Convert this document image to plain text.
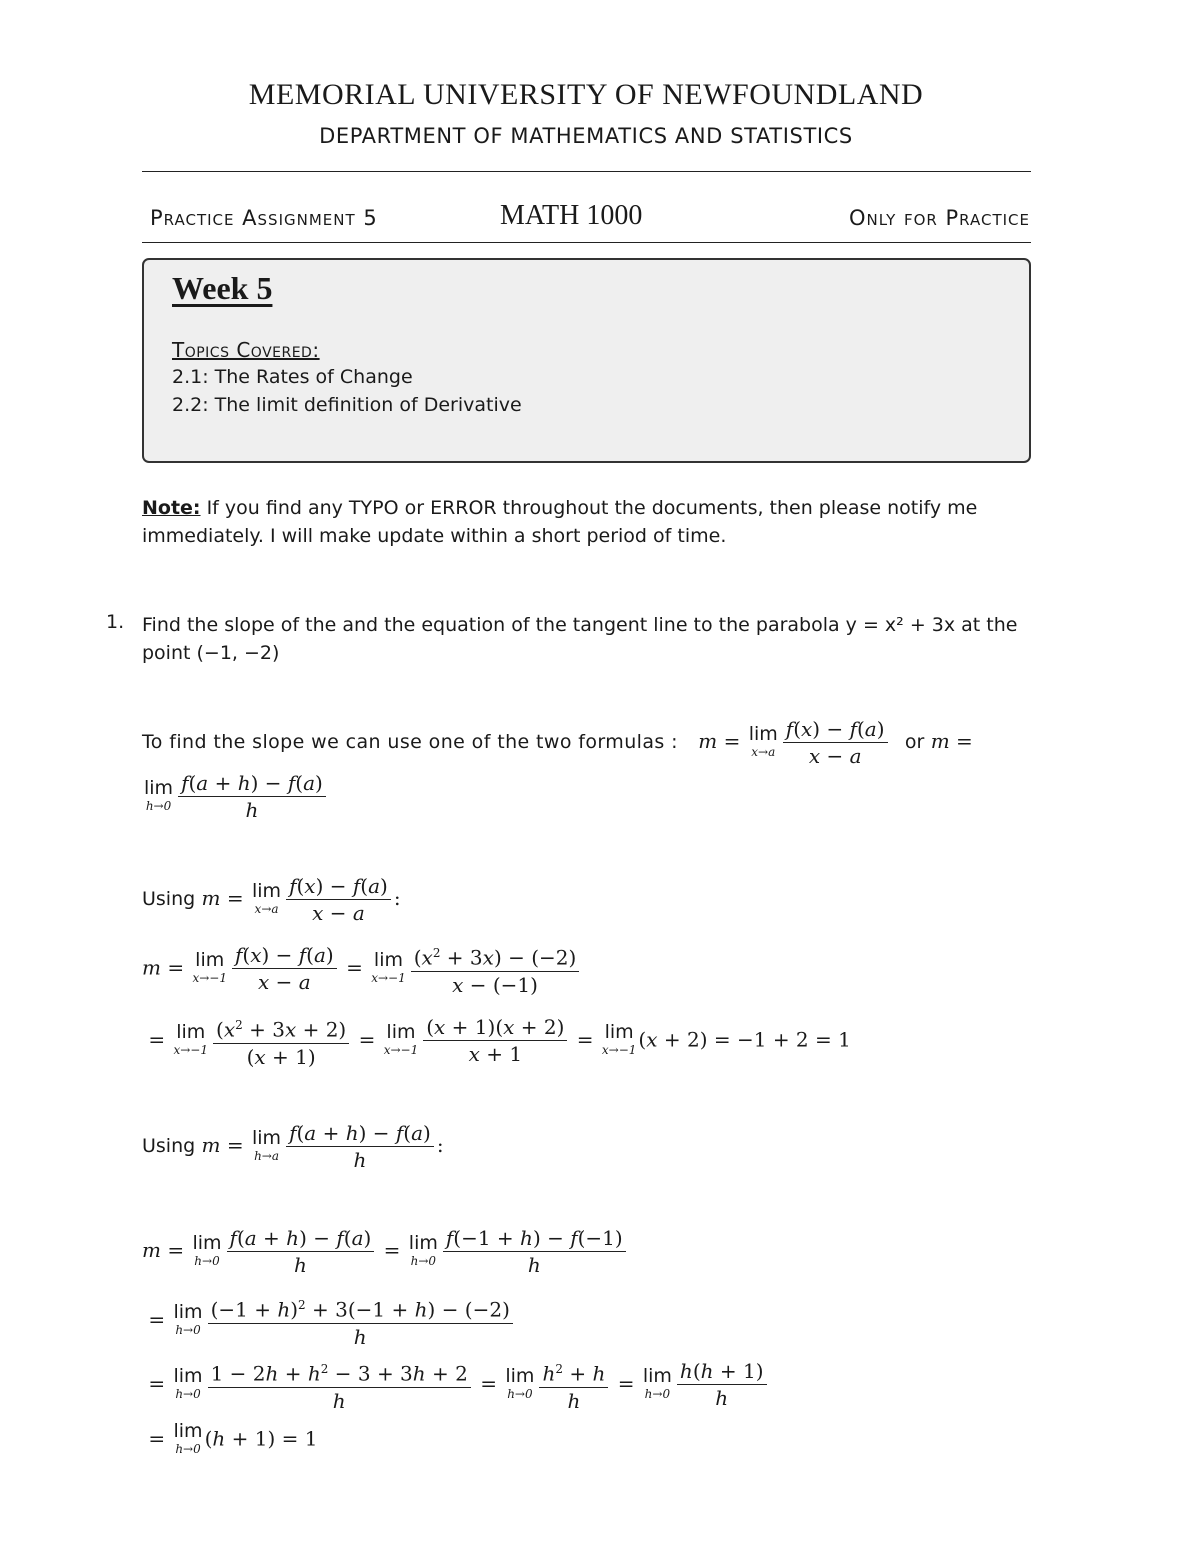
MEMORIAL UNIVERSITY OF NEWFOUNDLAND
DEPARTMENT OF MATHEMATICS AND STATISTICS
Practice Assignment 5	MATH 1000	Only for Practice
Week 5
Topics Covered:
2.1: The Rates of Change
2.2: The limit definition of Derivative
Note: If you find any TYPO or ERROR throughout the documents, then please notify me immediately. I will make update within a short period of time.
1. Find the slope of the and the equation of the tangent line to the parabola y = x² + 3x at the point (−1, −2)
To find the slope we can use one of the two formulas : m = lim
$x\to a \frac{f(x) - f(a)}{x - a}$ or m =
lim
$h\to 0 \frac{f(a + h) - f(a)}{h}$
Using m = lim
$x\to a \frac{f(x) - f(a)}{x - a}$ :
m = lim
$x\to-1 \frac{f(x) - f(a)}{x - a} = \lim$
$x\to-1 \frac{(x^2 + 3x) - (-2)}{x - (-1)}$
= lim
$x\to-1 \frac{(x^2 + 3x + 2)}{(x + 1)} = \lim$
$x\to-1 \frac{(x + 1)(x + 2)}{x + 1} = \lim$
x→−1 (x + 2) = −1 + 2 = 1
Using m = lim
$h\to a \frac{f(a + h) - f(a)}{h}$ :
m = lim
$h\to 0 \frac{f(a + h) - f(a)}{h} = \lim$
$h\to 0 \frac{f(-1 + h) - f(-1)}{h}$
= lim
$h\to 0 \frac{(-1 + h)^2 + 3(-1 + h) - (-2)}{h}$
= lim
$h\to 0 \frac{1 - 2h + h^2 - 3 + 3h + 2}{h} = \lim$
$h\to 0 \frac{h^2 + h}{h} = \lim$
$h\to 0 \frac{h(h + 1)}{h}$
= lim
h→0 (h + 1) = 1
